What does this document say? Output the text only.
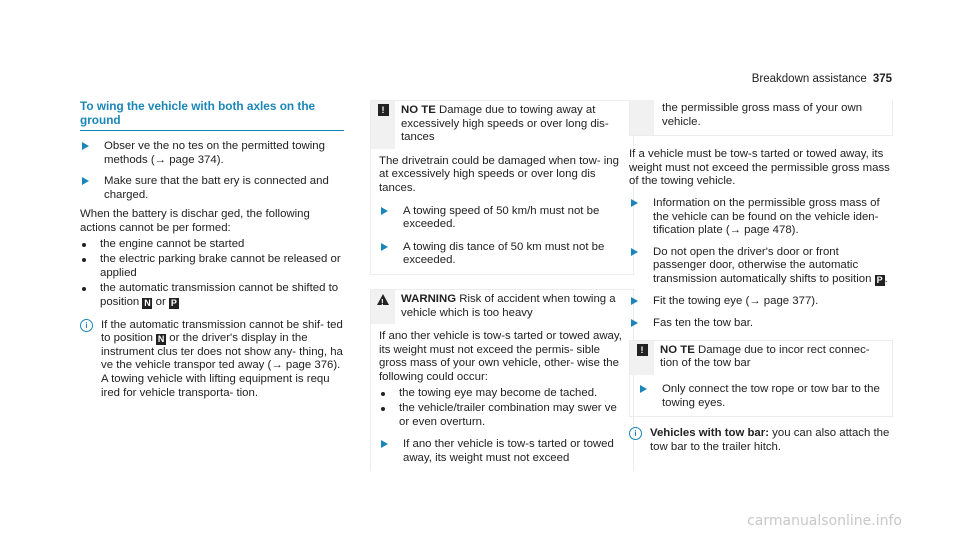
Breakdown assistance 375
To wing the vehicle with both axles on the ground

Obser ve the no tes on the permitted towing methods (→ page 374).

Make sure that the batt ery is connected and charged.

When the battery is dischar ged, the following actions cannot be per formed:

the engine cannot be started

the electric parking brake cannot be released or applied

the automatic transmission cannot be shifted to position N or P

i	If the automatic transmission cannot be shif- ted to position N or the driver's display in the instrument clus ter does not show any‐ thing, ha ve the vehicle transpor ted away (→ page 376). A towing vehicle with lifting equipment is requ ired for vehicle transporta‐ tion.

!	NO TE Damage due to towing away at excessively high speeds or over long dis‐ tances

The drivetrain could be damaged when tow‐ ing at excessively high speeds or over long dis tances.

A towing speed of 50 km/h must not be exceeded.

A towing dis tance of 50 km must not be exceeded.

!	WARNING Risk of accident when towing a vehicle which is too heavy

If ano ther vehicle is tow-s tarted or towed away, its weight must not exceed the permis‐ sible gross mass of your own vehicle, other‐ wise the following could occur:

the towing eye may become de tached.

the vehicle/trailer combination may swer ve or even overturn.

If ano ther vehicle is tow-s tarted or towed away, its weight must not exceed

the permissible gross mass of your own vehicle.

If a vehicle must be tow-s tarted or towed away, its weight must not exceed the permissible gross mass of the towing vehicle.

Information on the permissible gross mass of the vehicle can be found on the vehicle iden‐ tification plate (→ page 478).

Do not open the driver's door or front passenger door, otherwise the automatic transmission automatically shifts to position P .

Fit the towing eye (→ page 377).

Fas ten the tow bar.

!	NO TE Damage due to incor rect connec‐ tion of the tow bar

Only connect the tow rope or tow bar to the towing eyes.

i	Vehicles with tow bar: you can also attach the tow bar to the trailer hitch.

carmanualsonline.info
